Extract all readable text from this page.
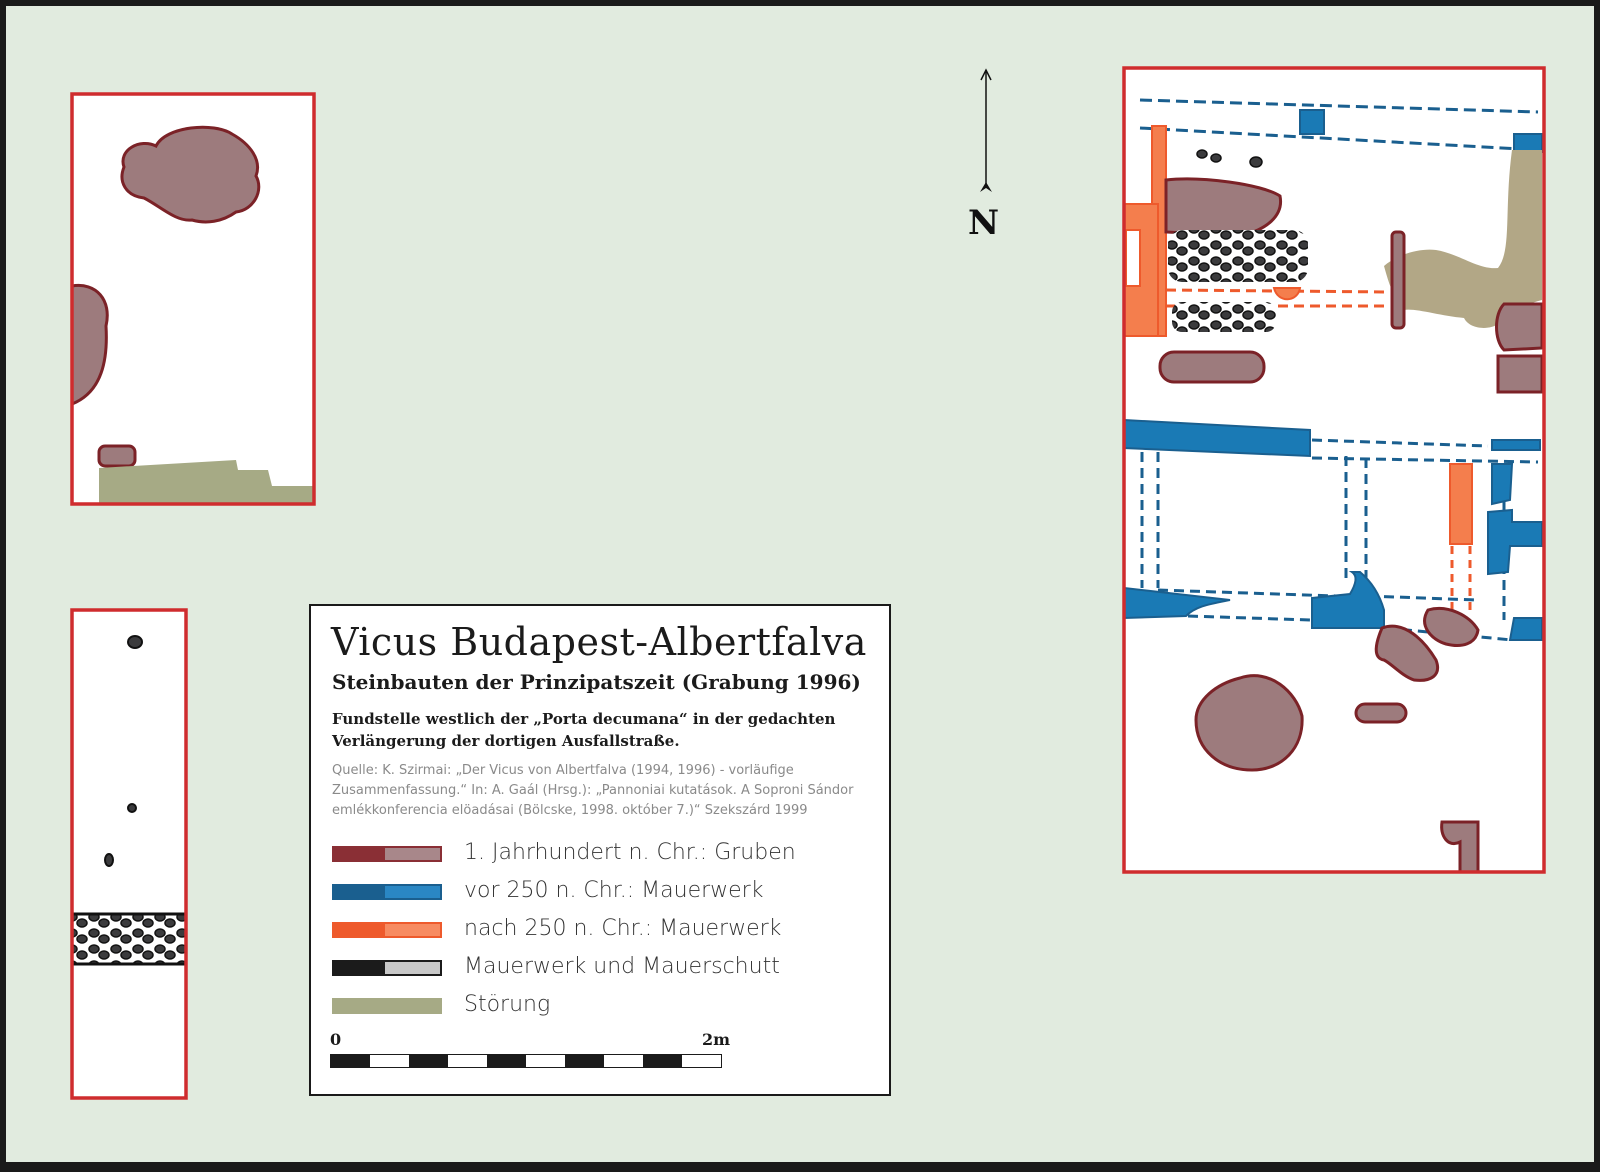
N
Vicus Budapest-Albertfalva
Steinbauten der Prinzipatszeit (Grabung 1996)
Fundstelle westlich der „Porta decumana“ in der gedachten Verlängerung der dortigen Ausfallstraße.
Quelle: K. Szirmai: „Der Vicus von Albertfalva (1994, 1996) - vorläufige Zusammenfassung.“ In: A. Gaál (Hrsg.): „Pannoniai kutatások. A Soproni Sándor emlékkonferencia elöadásai (Bölcske, 1998. október 7.)“ Szekszárd 1999
1. Jahrhundert n. Chr.: Gruben
vor 250 n. Chr.: Mauerwerk
nach 250 n. Chr.: Mauerwerk
Mauerwerk und Mauerschutt
Störung
0	2m
